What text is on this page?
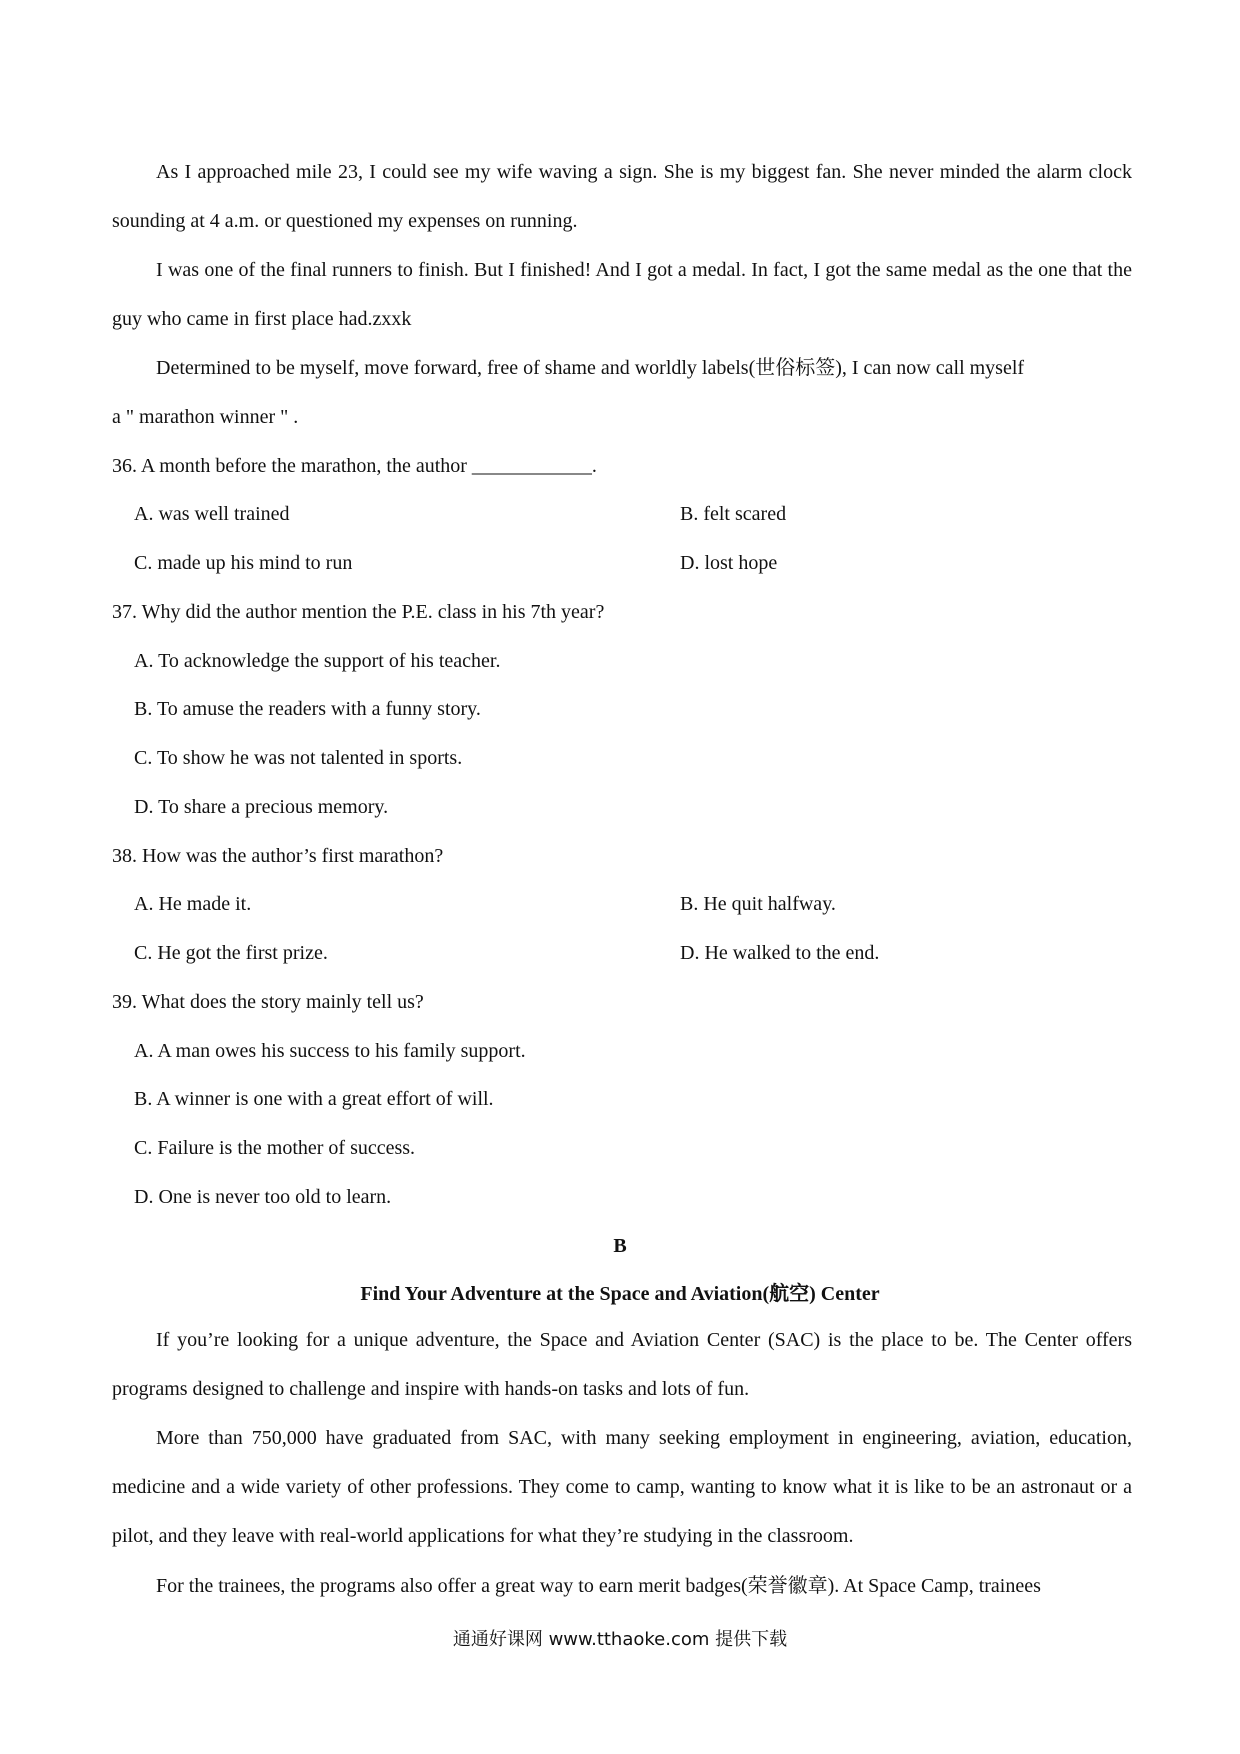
As I approached mile 23, I could see my wife waving a sign. She is my biggest fan. She never minded the alarm clock sounding at 4 a.m. or questioned my expenses on running.
I was one of the final runners to finish. But I finished! And I got a medal. In fact, I got the same medal as the one that the guy who came in first place had.zxxk
Determined to be myself, move forward, free of shame and worldly labels(世俗标签), I can now call myself
a " marathon winner " .
36. A month before the marathon, the author ____________.
A. was well trained	B. felt scared
C. made up his mind to run	D. lost hope
37. Why did the author mention the P.E. class in his 7th year?
A. To acknowledge the support of his teacher.
B. To amuse the readers with a funny story.
C. To show he was not talented in sports.
D. To share a precious memory.
38. How was the author’s first marathon?
A. He made it.	B. He quit halfway.
C. He got the first prize.	D. He walked to the end.
39. What does the story mainly tell us?
A. A man owes his success to his family support.
B. A winner is one with a great effort of will.
C. Failure is the mother of success.
D. One is never too old to learn.
B
Find Your Adventure at the Space and Aviation(航空) Center
If you’re looking for a unique adventure, the Space and Aviation Center (SAC) is the place to be. The Center offers programs designed to challenge and inspire with hands-on tasks and lots of fun.
More than 750,000 have graduated from SAC, with many seeking employment in engineering, aviation, education, medicine and a wide variety of other professions. They come to camp, wanting to know what it is like to be an astronaut or a pilot, and they leave with real-world applications for what they’re studying in the classroom.
For the trainees, the programs also offer a great way to earn merit badges(荣誉徽章). At Space Camp, trainees
通通好课网 www.tthaoke.com 提供下载
